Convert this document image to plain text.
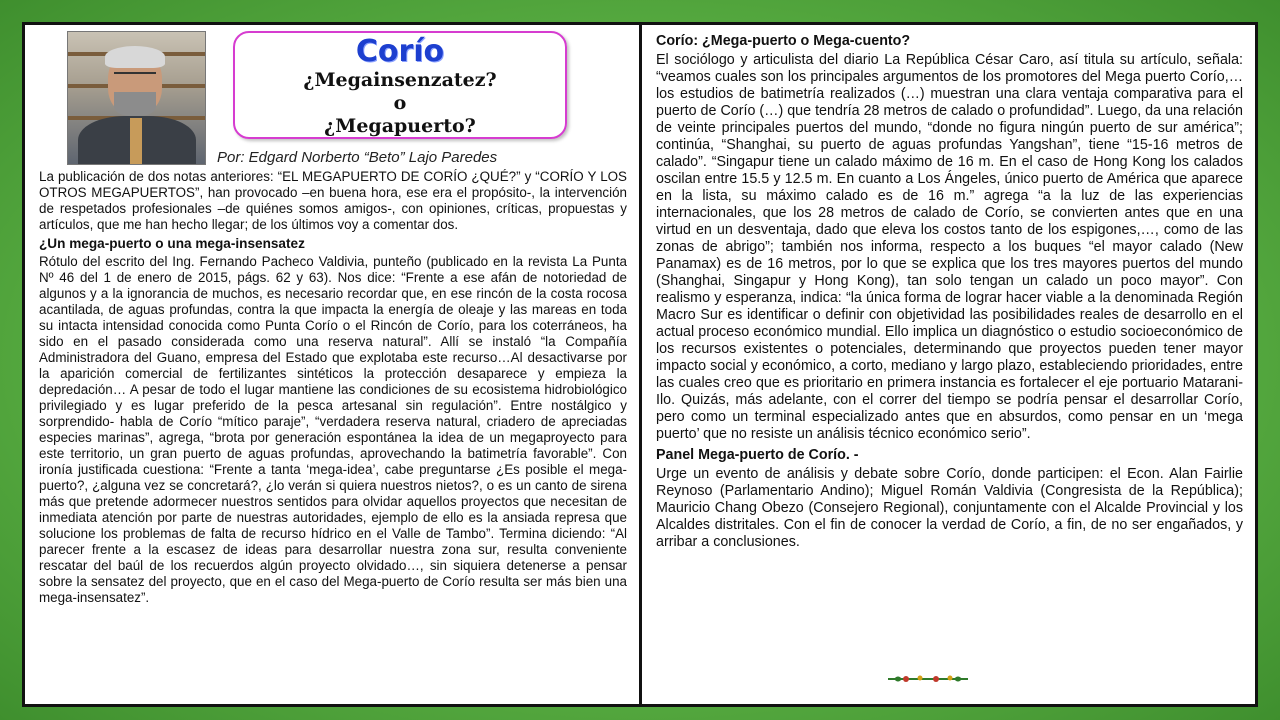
Corío
¿Megainsenzatez?
o
¿Megapuerto?
Por: Edgard Norberto “Beto” Lajo Paredes

La publicación de dos notas anteriores: “EL MEGAPUERTO DE CORÍO ¿QUÉ?” y “CORÍO Y LOS OTROS MEGAPUERTOS”, han provocado –en buena hora, ese era el propósito-, la intervención de respetados profesionales –de quiénes somos amigos-, con opiniones, críticas, propuestas y artículos, que me han hecho llegar; de los últimos voy a comentar dos.

¿Un mega-puerto o una mega-insensatez

Rótulo del escrito del Ing. Fernando Pacheco Valdivia, punteño (publicado en la revista La Punta Nº 46 del 1 de enero de 2015, págs. 62 y 63). Nos dice: “Frente a ese afán de notoriedad de algunos y a la ignorancia de muchos, es necesario recordar que, en ese rincón de la costa rocosa acantilada, de aguas profundas, contra la que impacta la energía de oleaje y las mareas en toda su intacta intensidad conocida como Punta Corío o el Rincón de Corío, para los coterráneos, ha sido en el pasado considerada como una reserva natural”. Allí se instaló “la Compañía Administradora del Guano, empresa del Estado que explotaba este recurso…Al desactivarse por la aparición comercial de fertilizantes sintéticos la protección desaparece y empieza la depredación… A pesar de todo el lugar mantiene las condiciones de su ecosistema hidrobiológico privilegiado y es lugar preferido de la pesca artesanal sin regulación”. Entre nostálgico y sorprendido- habla de Corío “mítico paraje”, “verdadera reserva natural, criadero de apreciadas especies marinas”, agrega, “brota por generación espontánea la idea de un megaproyecto para este territorio, un gran puerto de aguas profundas, aprovechando la batimetría favorable”. Con ironía justificada cuestiona: “Frente a tanta ‘mega-idea’, cabe preguntarse ¿Es posible el mega-puerto?, ¿alguna vez se concretará?, ¿lo verán si quiera nuestros nietos?, o es un canto de sirena más que pretende adormecer nuestros sentidos para olvidar aquellos proyectos que necesitan de inmediata atención por parte de nuestras autoridades, ejemplo de ello es la ansiada represa que solucione los problemas de falta de recurso hídrico en el Valle de Tambo”. Termina diciendo: “Al parecer frente a la escasez de ideas para desarrollar nuestra zona sur, resulta conveniente rescatar del baúl de los recuerdos algún proyecto olvidado…, sin siquiera detenerse a pensar sobre la sensatez del proyecto, que en el caso del Mega-puerto de Corío resulta ser más bien una mega-insensatez”.

Corío: ¿Mega-puerto o Mega-cuento?

El sociólogo y articulista del diario La República César Caro, así titula su artículo, señala: “veamos cuales son los principales argumentos de los promotores del Mega puerto Corío,…los estudios de batimetría realizados (…) muestran una clara ventaja comparativa para el puerto de Corío (…) que tendría 28 metros de calado o profundidad”. Luego, da una relación de veinte principales puertos del mundo, “donde no figura ningún puerto de sur américa”; continúa, “Shanghai, su puerto de aguas profundas Yangshan”, tiene “15-16 metros de calado”. “Singapur tiene un calado máximo de 16 m. En el caso de Hong Kong los calados oscilan entre 15.5 y 12.5 m. En cuanto a Los Ángeles, único puerto de América que aparece en la lista, su máximo calado es de 16 m.” agrega “a la luz de las experiencias internacionales, que los 28 metros de calado de Corío, se convierten antes que en una virtud en un desventaja, dado que eleva los costos tanto de los espigones,…, como de las zonas de abrigo”; también nos informa, respecto a los buques “el mayor calado (New Panamax) es de 16 metros, por lo que se explica que los tres mayores puertos del mundo (Shanghai, Singapur y Hong Kong), tan solo tengan un calado un poco mayor”. Con realismo y esperanza, indica: “la única forma de lograr hacer viable a la denominada Región Macro Sur es identificar o definir con objetividad las posibilidades reales de desarrollo en el actual proceso económico mundial. Ello implica un diagnóstico o estudio socioeconómico de los recursos existentes o potenciales, determinando que proyectos pueden tener mayor impacto social y económico, a corto, mediano y largo plazo, estableciendo prioridades, entre las cuales creo que es prioritario en primera instancia es fortalecer el eje portuario Matarani-Ilo. Quizás, más adelante, con el correr del tiempo se podría pensar el desarrollar Corío, pero como un terminal especializado antes que en absurdos, como pensar en un ‘mega puerto’ que no resiste un análisis técnico económico serio”.

Panel Mega-puerto de Corío. -

Urge un evento de análisis y debate sobre Corío, donde participen: el Econ. Alan Fairlie Reynoso (Parlamentario Andino); Miguel Román Valdivia (Congresista de la República); Mauricio Chang Obezo (Consejero Regional), conjuntamente con el Alcalde Provincial y los Alcaldes distritales. Con el fin de conocer la verdad de Corío, a fin, de no ser engañados, y arribar a conclusiones.
